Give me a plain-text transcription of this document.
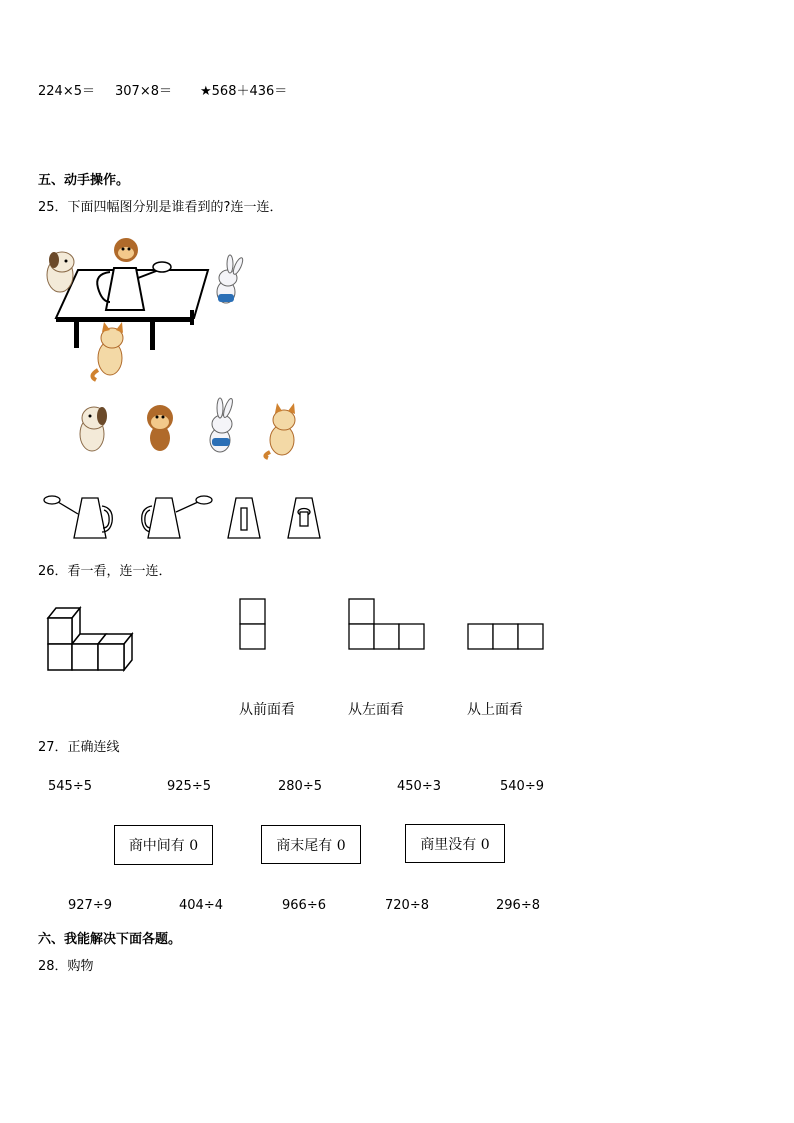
224×5＝ 307×8＝ ★568＋436＝
五、动手操作。
25．下面四幅图分别是谁看到的?连一连．
26．看一看，连一连．
从前面看	从左面看	从上面看
27．正确连线
545÷5	925÷5	280÷5	450÷3	540÷9
商中间有 0	商末尾有 0	商里没有 0
927÷9	404÷4	966÷6	720÷8	296÷8
六、我能解决下面各题。
28．购物
